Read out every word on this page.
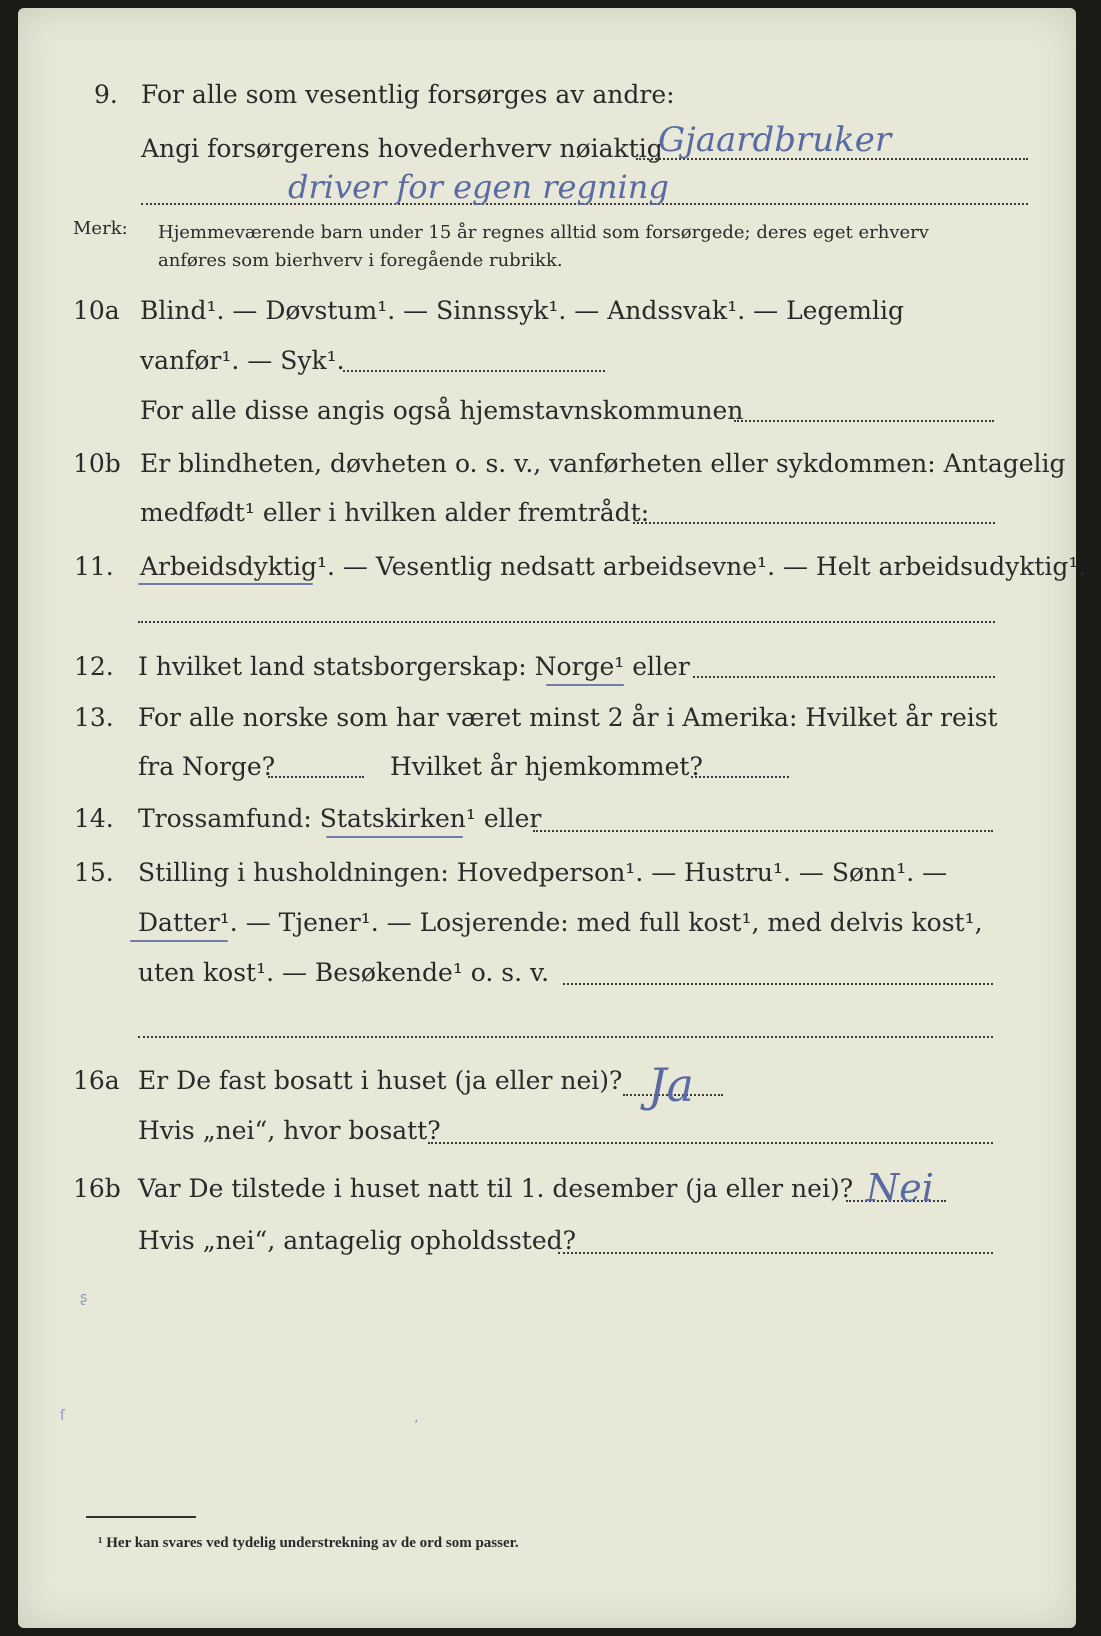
9. For alle som vesentlig forsørges av andre:
Angi forsørgerens hovederhverv nøiaktig
Gjaardbruker
driver for egen regning
Merk: Hjemmeværende barn under 15 år regnes alltid som forsørgede; deres eget erhverv
anføres som bierhverv i foregående rubrikk.
10a Blind¹. — Døvstum¹. — Sinnssyk¹. — Andssvak¹. — Legemlig
vanfør¹. — Syk¹.
For alle disse angis også hjemstavnskommunen
10b Er blindheten, døvheten o. s. v., vanførheten eller sykdommen: Antagelig
medfødt¹ eller i hvilken alder fremtrådt:
11. Arbeidsdyktig¹. — Vesentlig nedsatt arbeidsevne¹. — Helt arbeidsudyktig¹.
12. I hvilket land statsborgerskap: Norge¹ eller
13. For alle norske som har været minst 2 år i Amerika: Hvilket år reist
fra Norge?	Hvilket år hjemkommet?
14. Trossamfund: Statskirken¹ eller
15. Stilling i husholdningen: Hovedperson¹. — Hustru¹. — Sønn¹. —
Datter¹. — Tjener¹. — Losjerende: med full kost¹, med delvis kost¹,
uten kost¹. — Besøkende¹ o. s. v.
16a Er De fast bosatt i huset (ja eller nei)? Ja
Hvis „nei“, hvor bosatt?
16b Var De tilstede i huset natt til 1. desember (ja eller nei)? Nei
Hvis „nei“, antagelig opholdssted?
ʂ
ſ
ʼ
¹ Her kan svares ved tydelig understrekning av de ord som passer.
